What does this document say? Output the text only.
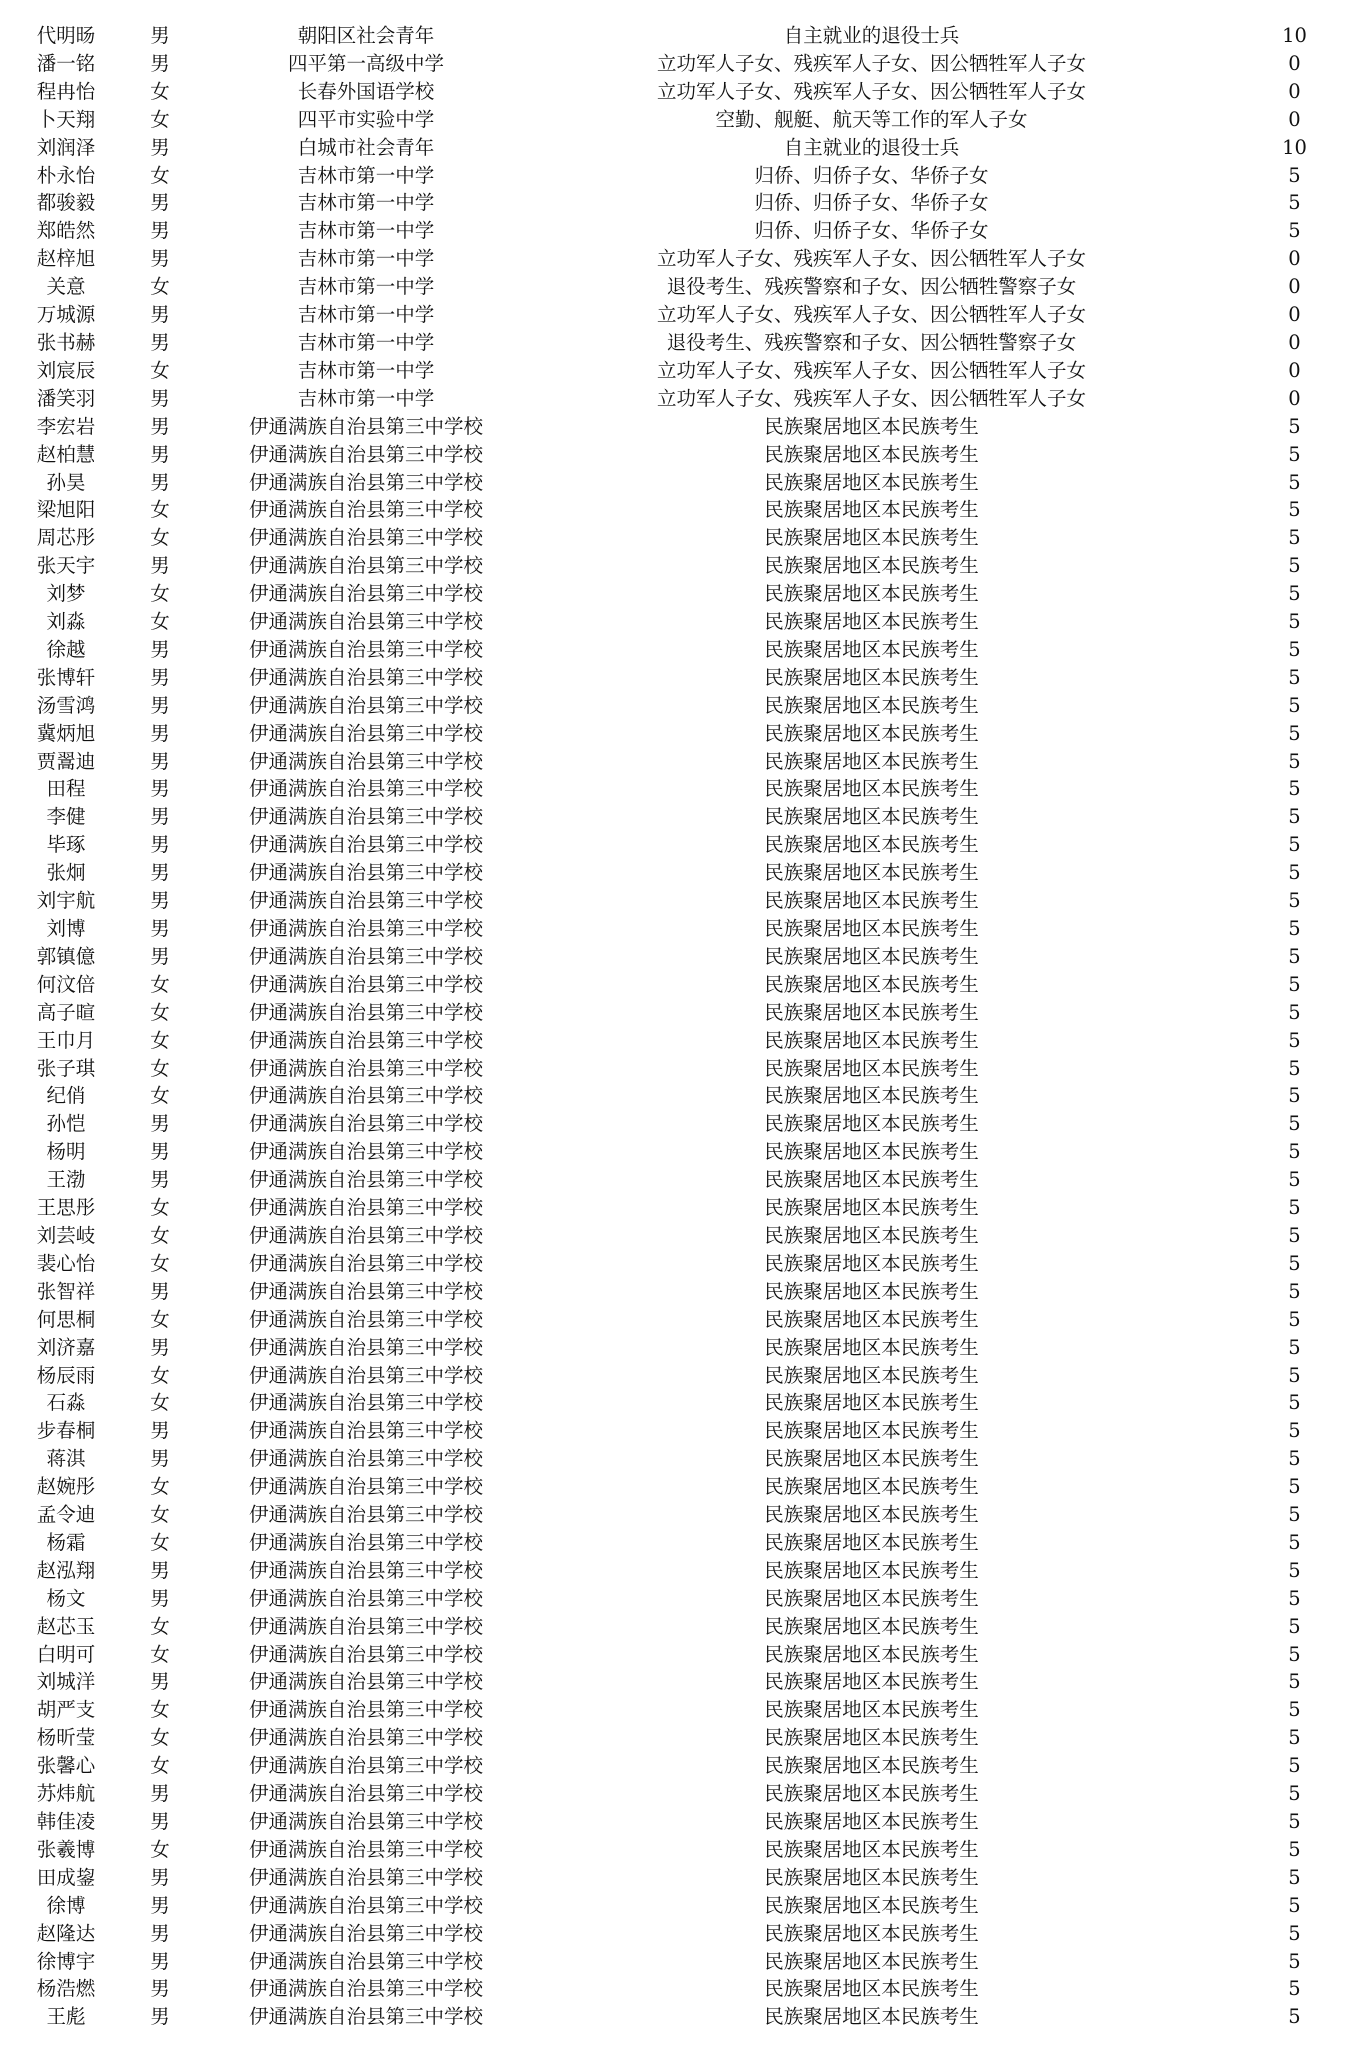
代明旸	男	朝阳区社会青年	自主就业的退役士兵	10
潘一铭	男	四平第一高级中学	立功军人子女、残疾军人子女、因公牺牲军人子女	0
程冉怡	女	长春外国语学校	立功军人子女、残疾军人子女、因公牺牲军人子女	0
卜天翔	女	四平市实验中学	空勤、舰艇、航天等工作的军人子女	0
刘润泽	男	白城市社会青年	自主就业的退役士兵	10
朴永怡	女	吉林市第一中学	归侨、归侨子女、华侨子女	5
都骏毅	男	吉林市第一中学	归侨、归侨子女、华侨子女	5
郑皓然	男	吉林市第一中学	归侨、归侨子女、华侨子女	5
赵梓旭	男	吉林市第一中学	立功军人子女、残疾军人子女、因公牺牲军人子女	0
关意	女	吉林市第一中学	退役考生、残疾警察和子女、因公牺牲警察子女	0
万城源	男	吉林市第一中学	立功军人子女、残疾军人子女、因公牺牲军人子女	0
张书赫	男	吉林市第一中学	退役考生、残疾警察和子女、因公牺牲警察子女	0
刘宸辰	女	吉林市第一中学	立功军人子女、残疾军人子女、因公牺牲军人子女	0
潘笑羽	男	吉林市第一中学	立功军人子女、残疾军人子女、因公牺牲军人子女	0
李宏岩	男	伊通满族自治县第三中学校	民族聚居地区本民族考生	5
赵柏慧	男	伊通满族自治县第三中学校	民族聚居地区本民族考生	5
孙昊	男	伊通满族自治县第三中学校	民族聚居地区本民族考生	5
梁旭阳	女	伊通满族自治县第三中学校	民族聚居地区本民族考生	5
周芯彤	女	伊通满族自治县第三中学校	民族聚居地区本民族考生	5
张天宇	男	伊通满族自治县第三中学校	民族聚居地区本民族考生	5
刘梦	女	伊通满族自治县第三中学校	民族聚居地区本民族考生	5
刘淼	女	伊通满族自治县第三中学校	民族聚居地区本民族考生	5
徐越	男	伊通满族自治县第三中学校	民族聚居地区本民族考生	5
张博轩	男	伊通满族自治县第三中学校	民族聚居地区本民族考生	5
汤雪鸿	男	伊通满族自治县第三中学校	民族聚居地区本民族考生	5
冀炳旭	男	伊通满族自治县第三中学校	民族聚居地区本民族考生	5
贾翯迪	男	伊通满族自治县第三中学校	民族聚居地区本民族考生	5
田程	男	伊通满族自治县第三中学校	民族聚居地区本民族考生	5
李健	男	伊通满族自治县第三中学校	民族聚居地区本民族考生	5
毕琢	男	伊通满族自治县第三中学校	民族聚居地区本民族考生	5
张炯	男	伊通满族自治县第三中学校	民族聚居地区本民族考生	5
刘宇航	男	伊通满族自治县第三中学校	民族聚居地区本民族考生	5
刘博	男	伊通满族自治县第三中学校	民族聚居地区本民族考生	5
郭镇億	男	伊通满族自治县第三中学校	民族聚居地区本民族考生	5
何汶倍	女	伊通满族自治县第三中学校	民族聚居地区本民族考生	5
高子暄	女	伊通满族自治县第三中学校	民族聚居地区本民族考生	5
王巾月	女	伊通满族自治县第三中学校	民族聚居地区本民族考生	5
张子琪	女	伊通满族自治县第三中学校	民族聚居地区本民族考生	5
纪俏	女	伊通满族自治县第三中学校	民族聚居地区本民族考生	5
孙恺	男	伊通满族自治县第三中学校	民族聚居地区本民族考生	5
杨明	男	伊通满族自治县第三中学校	民族聚居地区本民族考生	5
王渤	男	伊通满族自治县第三中学校	民族聚居地区本民族考生	5
王思彤	女	伊通满族自治县第三中学校	民族聚居地区本民族考生	5
刘芸岐	女	伊通满族自治县第三中学校	民族聚居地区本民族考生	5
裴心怡	女	伊通满族自治县第三中学校	民族聚居地区本民族考生	5
张智祥	男	伊通满族自治县第三中学校	民族聚居地区本民族考生	5
何思桐	女	伊通满族自治县第三中学校	民族聚居地区本民族考生	5
刘济嘉	男	伊通满族自治县第三中学校	民族聚居地区本民族考生	5
杨辰雨	女	伊通满族自治县第三中学校	民族聚居地区本民族考生	5
石淼	女	伊通满族自治县第三中学校	民族聚居地区本民族考生	5
步春桐	男	伊通满族自治县第三中学校	民族聚居地区本民族考生	5
蒋淇	男	伊通满族自治县第三中学校	民族聚居地区本民族考生	5
赵婉彤	女	伊通满族自治县第三中学校	民族聚居地区本民族考生	5
孟令迪	女	伊通满族自治县第三中学校	民族聚居地区本民族考生	5
杨霜	女	伊通满族自治县第三中学校	民族聚居地区本民族考生	5
赵泓翔	男	伊通满族自治县第三中学校	民族聚居地区本民族考生	5
杨文	男	伊通满族自治县第三中学校	民族聚居地区本民族考生	5
赵芯玉	女	伊通满族自治县第三中学校	民族聚居地区本民族考生	5
白明可	女	伊通满族自治县第三中学校	民族聚居地区本民族考生	5
刘城洋	男	伊通满族自治县第三中学校	民族聚居地区本民族考生	5
胡严支	女	伊通满族自治县第三中学校	民族聚居地区本民族考生	5
杨昕莹	女	伊通满族自治县第三中学校	民族聚居地区本民族考生	5
张馨心	女	伊通满族自治县第三中学校	民族聚居地区本民族考生	5
苏炜航	男	伊通满族自治县第三中学校	民族聚居地区本民族考生	5
韩佳凌	男	伊通满族自治县第三中学校	民族聚居地区本民族考生	5
张羲博	女	伊通满族自治县第三中学校	民族聚居地区本民族考生	5
田成鋆	男	伊通满族自治县第三中学校	民族聚居地区本民族考生	5
徐博	男	伊通满族自治县第三中学校	民族聚居地区本民族考生	5
赵隆达	男	伊通满族自治县第三中学校	民族聚居地区本民族考生	5
徐博宇	男	伊通满族自治县第三中学校	民族聚居地区本民族考生	5
杨浩燃	男	伊通满族自治县第三中学校	民族聚居地区本民族考生	5
王彪	男	伊通满族自治县第三中学校	民族聚居地区本民族考生	5
